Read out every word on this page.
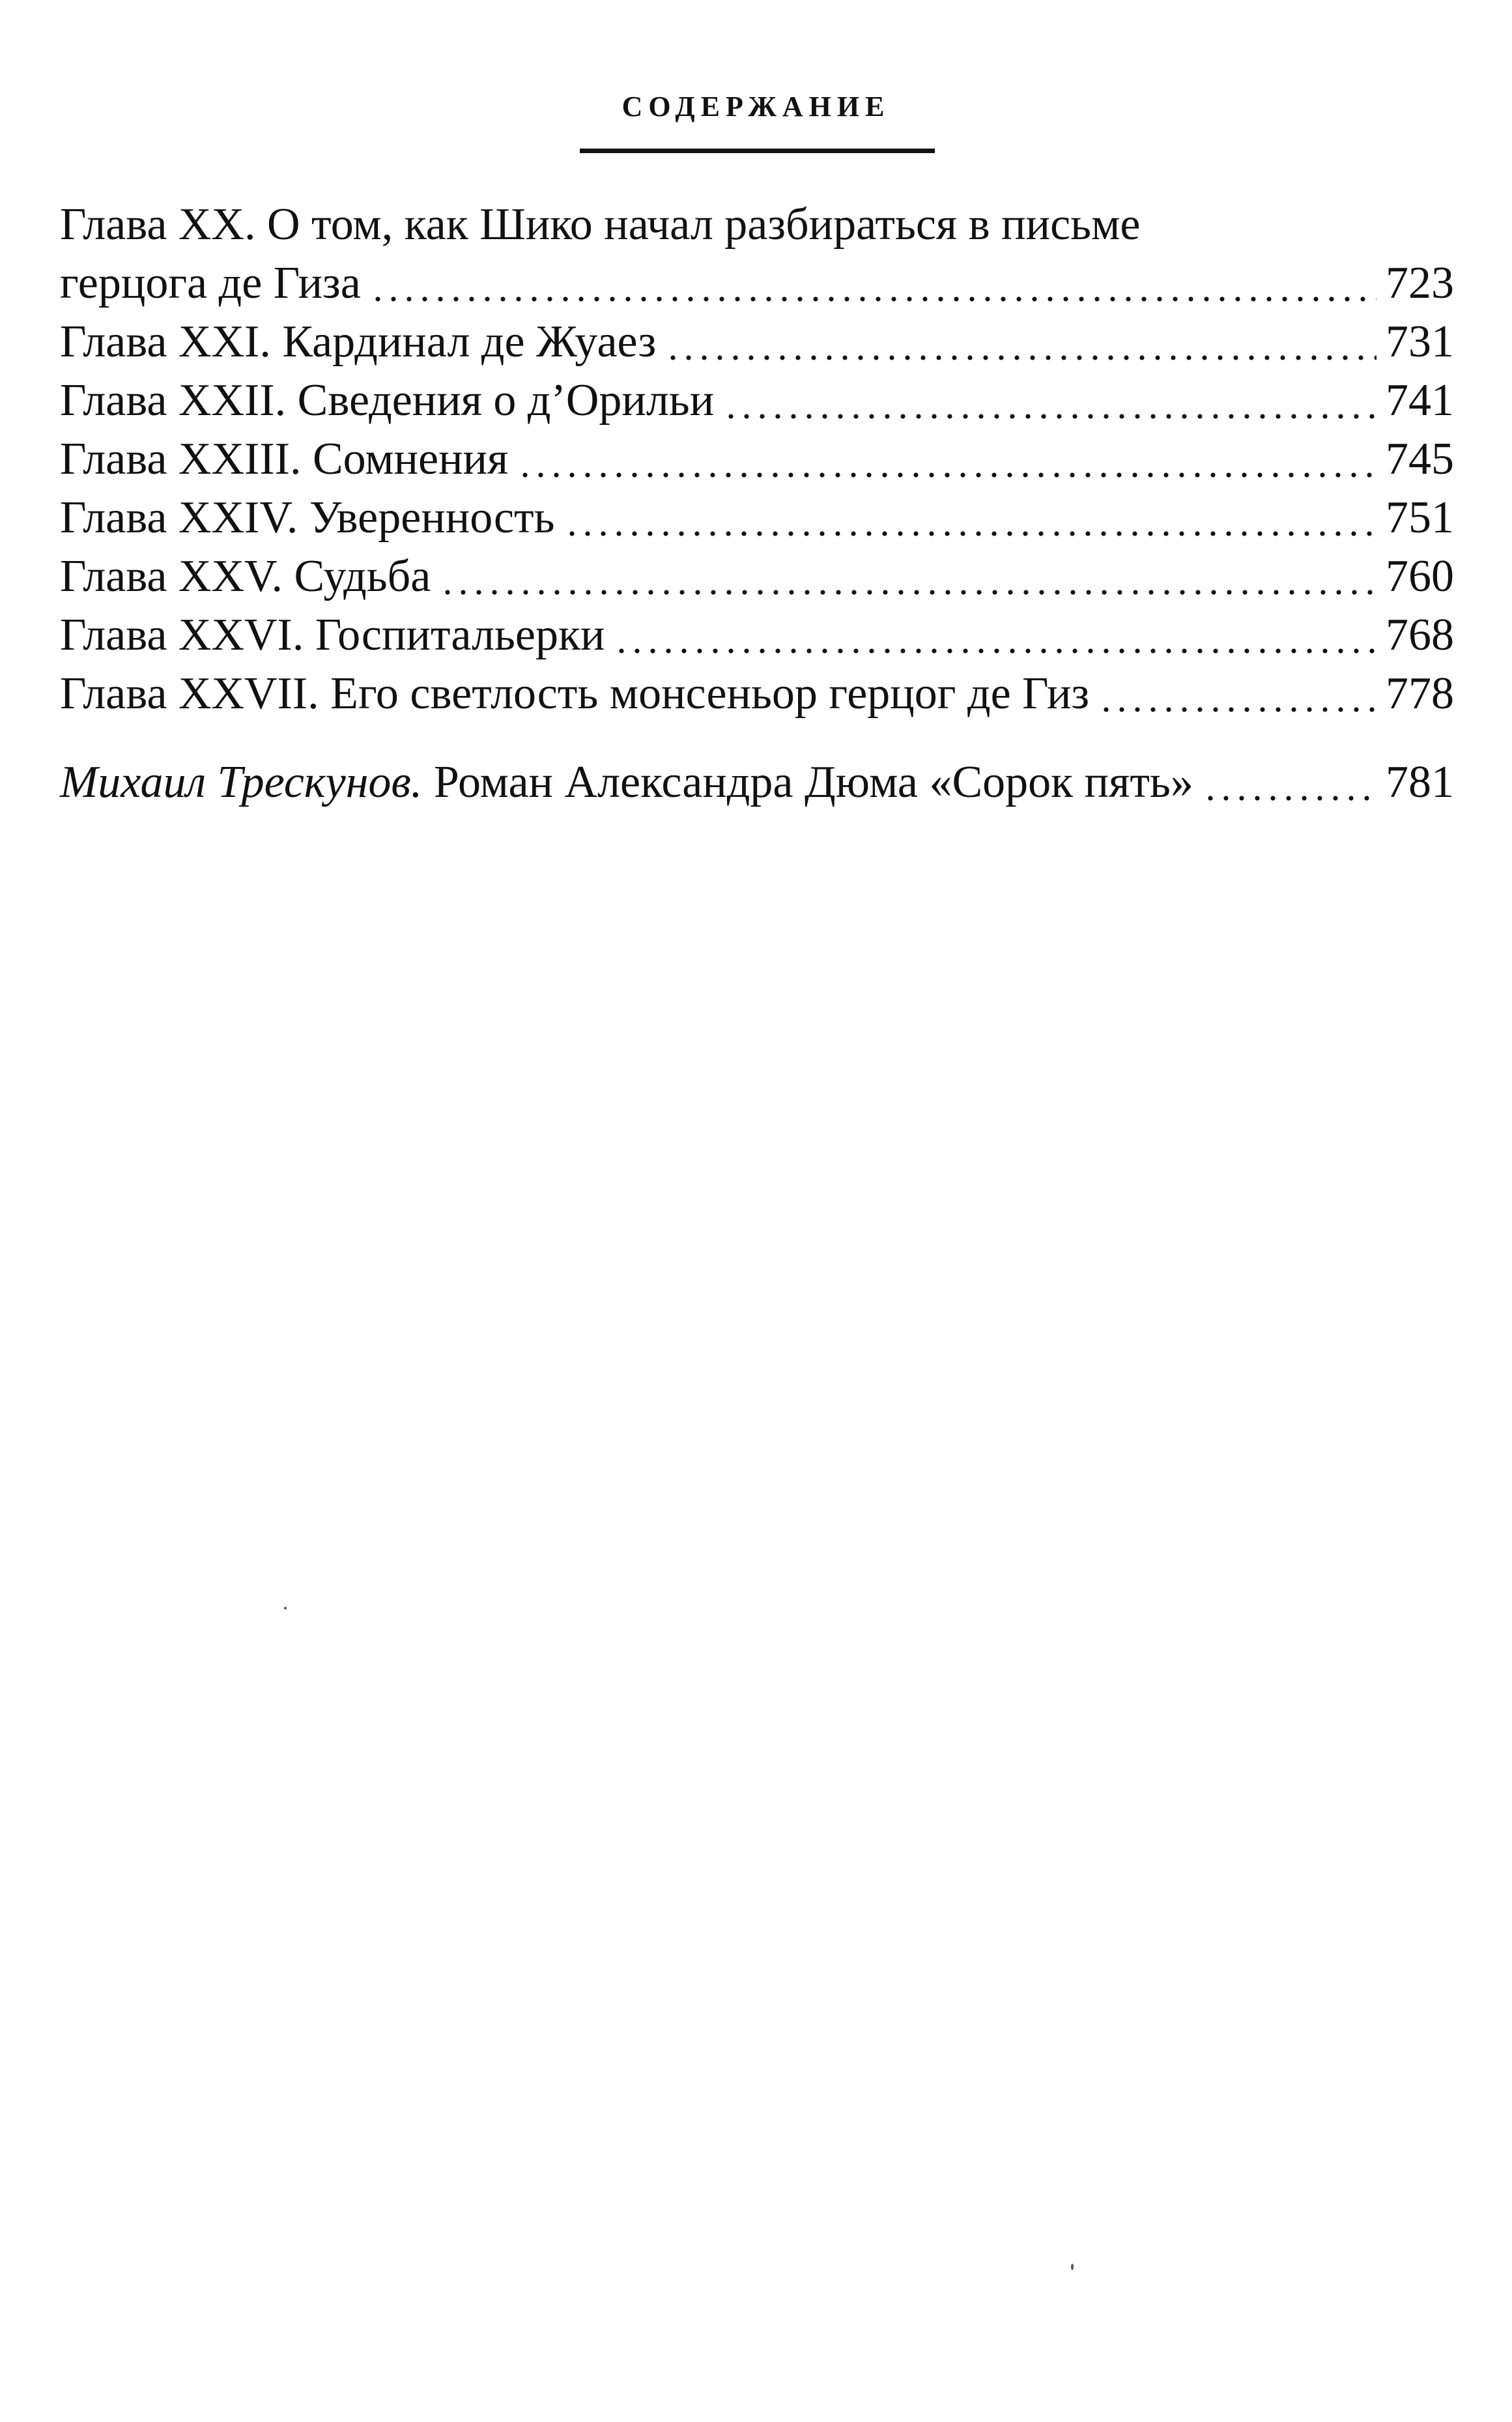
СОДЕРЖАНИЕ
Глава XX. О том, как Шико начал разбираться в письме
герцога де Гиза	723
Глава XXI. Кардинал де Жуаез	731
Глава XXII. Сведения о д’Орильи	741
Глава XXIII. Сомнения	745
Глава XXIV. Уверенность	751
Глава XXV. Судьба	760
Глава XXVI. Госпитальерки	768
Глава XXVII. Его светлость монсеньор герцог де Гиз	778
Михаил Трескунов. Роман Александра Дюма «Сорок пять»	781
